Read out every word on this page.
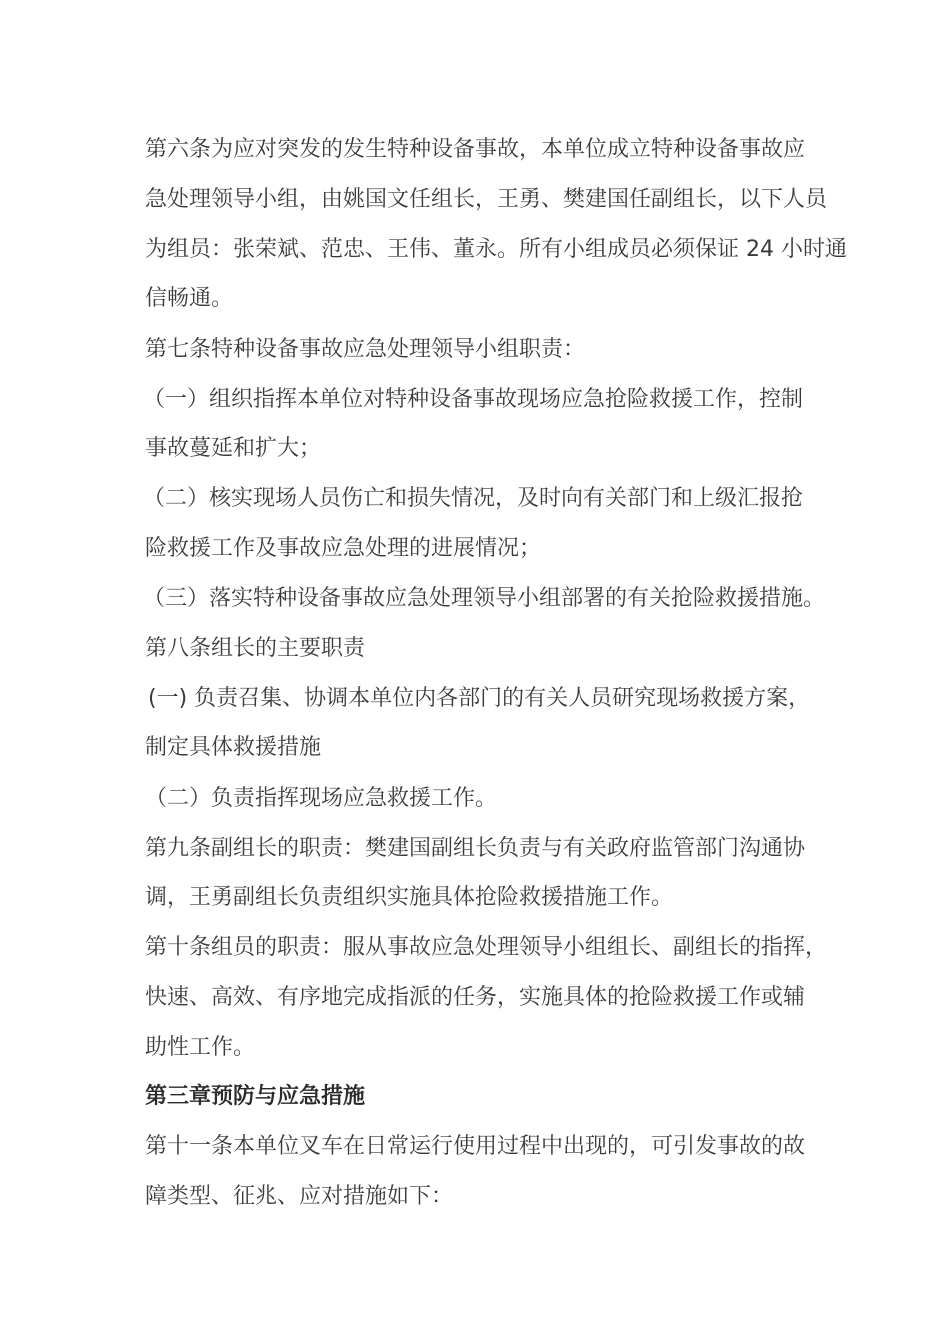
第六条为应对突发的发生特种设备事故，本单位成立特种设备事故应
急处理领导小组，由姚国文任组长，王勇、樊建国任副组长，以下人员
为组员：张荣斌、范忠、王伟、董永。所有小组成员必须保证 24 小时通
信畅通。
第七条特种设备事故应急处理领导小组职责：
（一）组织指挥本单位对特种设备事故现场应急抢险救援工作，控制
事故蔓延和扩大；
（二）核实现场人员伤亡和损失情况，及时向有关部门和上级汇报抢
险救援工作及事故应急处理的进展情况；
（三）落实特种设备事故应急处理领导小组部署的有关抢险救援措施。
第八条组长的主要职责
(一) 负责召集、协调本单位内各部门的有关人员研究现场救援方案，
制定具体救援措施
（二）负责指挥现场应急救援工作。
第九条副组长的职责：樊建国副组长负责与有关政府监管部门沟通协
调，王勇副组长负责组织实施具体抢险救援措施工作。
第十条组员的职责：服从事故应急处理领导小组组长、副组长的指挥，
快速、高效、有序地完成指派的任务，实施具体的抢险救援工作或辅
助性工作。
第三章预防与应急措施
第十一条本单位叉车在日常运行使用过程中出现的，可引发事故的故
障类型、征兆、应对措施如下：
